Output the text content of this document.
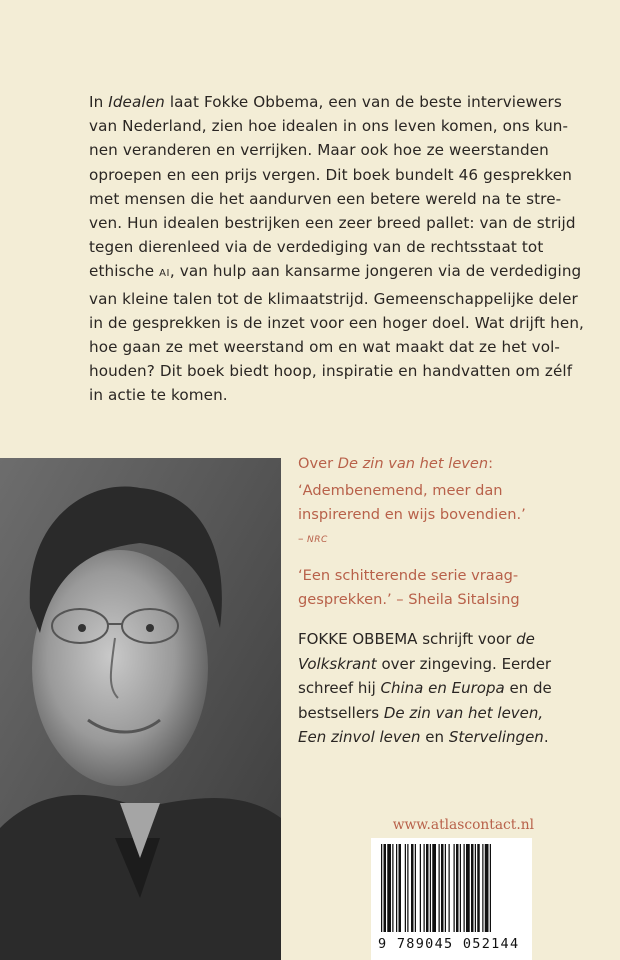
In Idealen laat Fokke Obbema, een van de beste interviewers
van Nederland, zien hoe idealen in ons leven komen, ons kun-
nen veranderen en verrijken. Maar ook hoe ze weerstanden
oproepen en een prijs vergen. Dit boek bundelt 46 gesprekken
met mensen die het aandurven een betere wereld na te stre-
ven. Hun idealen bestrijken een zeer breed pallet: van de strijd
tegen dierenleed via de verdediging van de rechtsstaat tot
ethische AI, van hulp aan kansarme jongeren via de verdediging
van kleine talen tot de klimaatstrijd. Gemeenschappelijke deler
in de gesprekken is de inzet voor een hoger doel. Wat drijft hen,
hoe gaan ze met weerstand om en wat maakt dat ze het vol-
houden? Dit boek biedt hoop, inspiratie en handvatten om zélf
in actie te komen.

Over De zin van het leven:
‘Adembenemend, meer dan
inspirerend en wijs bovendien.’
– NRC
‘Een schitterende serie vraag-
gesprekken.’ – Sheila Sitalsing
FOKKE OBBEMA schrijft voor de
Volkskrant over zingeving. Eerder
schreef hij China en Europa en de
bestsellers De zin van het leven,
Een zinvol leven en Stervelingen.
www.atlascontact.nl
9 789045 052144
